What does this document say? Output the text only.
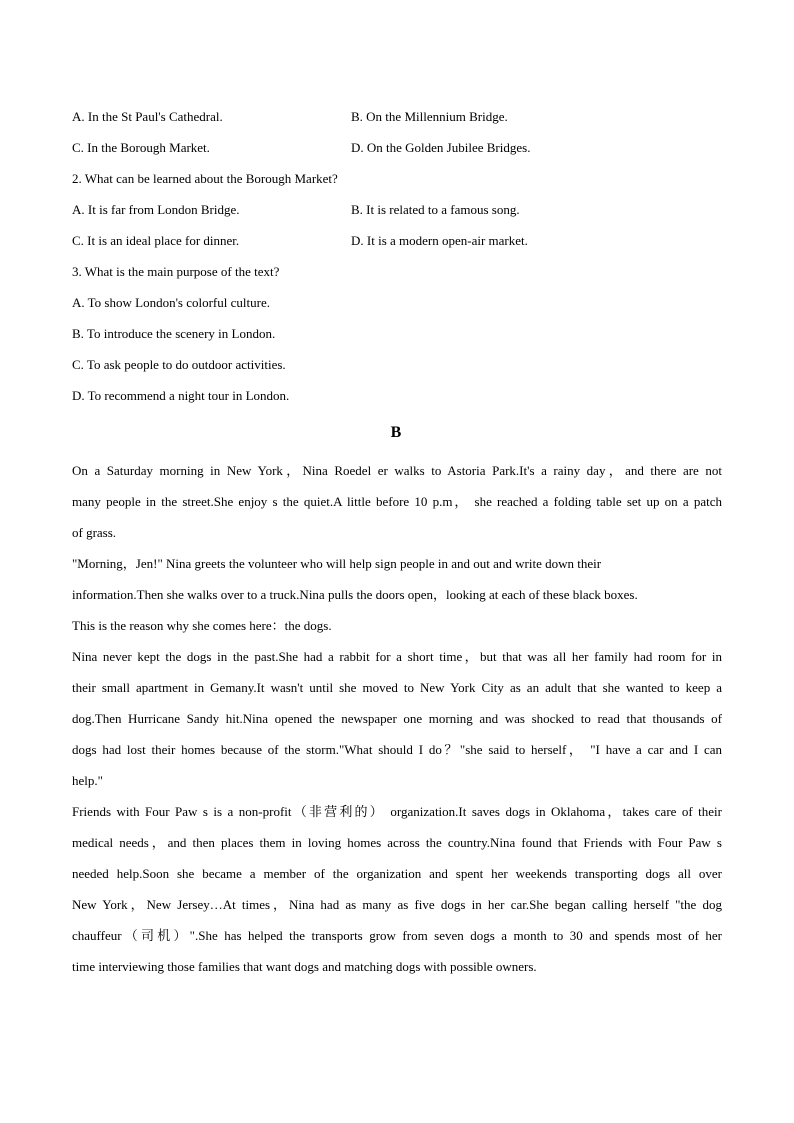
A. In the St Paul's Cathedral.	B. On the Millennium Bridge.
C. In the Borough Market.	D. On the Golden Jubilee Bridges.
2. What can be learned about the Borough Market?
A. It is far from London Bridge.	B. It is related to a famous song.
C. It is an ideal place for dinner.	D. It is a modern open-air market.
3. What is the main purpose of the text?
A. To show London's colorful culture.
B. To introduce the scenery in London.
C. To ask people to do outdoor activities.
D. To recommend a night tour in London.
B
On a Saturday morning in New York，Nina Roedel er walks to Astoria Park.It's a rainy day，and there are not
many people in the street.She enjoy s the quiet.A little before 10 p.m， she reached a folding table set up on a patch
of grass.
"Morning，Jen!" Nina greets the volunteer who will help sign people in and out and write down their
information.Then she walks over to a truck.Nina pulls the doors open，looking at each of these black boxes.
This is the reason why she comes here：the dogs.
Nina never kept the dogs in the past.She had a rabbit for a short time，but that was all her family had room for in
their small apartment in Gemany.It wasn't until she moved to New York City as an adult that she wanted to keep a
dog.Then Hurricane Sandy hit.Nina opened the newspaper one morning and was shocked to read that thousands of
dogs had lost their homes because of the storm."What should I do？"she said to herself， "I have a car and I can
help."
Friends with Four Paw s is a non-profit（非营利的） organization.It saves dogs in Oklahoma，takes care of their
medical needs，and then places them in loving homes across the country.Nina found that Friends with Four Paw s
needed help.Soon she became a member of the organization and spent her weekends transporting dogs all over
New York，New Jersey…At times，Nina had as many as five dogs in her car.She began calling herself "the dog
chauffeur（司机）".She has helped the transports grow from seven dogs a month to 30 and spends most of her
time interviewing those families that want dogs and matching dogs with possible owners.
